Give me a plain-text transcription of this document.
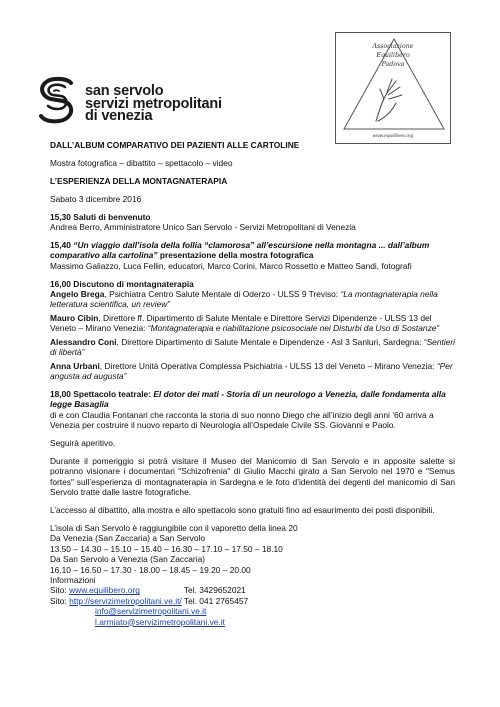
san servolo
servizi metropolitani
di venezia
Associazione
Equilibero
Padova
www.equilibero.org

DALL’ALBUM COMPARATIVO DEI PAZIENTI ALLE CARTOLINE

Mostra fotografica – dibattito – spettacolo – video

L’ESPERIENZA DELLA MONTAGNATERAPIA

Sabato 3 dicembre 2016

15,30 Saluti di benvenuto

Andrea Berro, Amministratore Unico San Servolo - Servizi Metropolitani di Venezia

15,40 “Un viaggio dall’isola della follia “clamorosa” all’escursione nella montagna ... dall’album comparativo alla cartolina” presentazione della mostra fotografica

Massimo Galiazzo, Luca Fellin, educatori, Marco Corini, Marco Rossetto e Matteo Sandi, fotografi

16,00 Discutono di montagnaterapia

Angelo Brega, Psichiatra Centro Salute Mentale di Oderzo - ULSS 9 Treviso: “La montagnaterapia nella letteratura scientifica, un review”

Mauro Cibin, Direttore ff. Dipartimento di Salute Mentale e Direttore Servizi Dipendenze - ULSS 13 del Veneto – Mirano Venezia: “Montagnaterapia e riabilitazione psicosociale nei Disturbi da Uso di Sostanze”

Alessandro Coni, Direttore Dipartimento di Salute Mentale e Dipendenze - Asl 3 Sanluri, Sardegna: “Sentieri di libertà”

Anna Urbani, Direttore Unità Operativa Complessa Psichiatria - ULSS 13 del Veneto – Mirano Venezia: “Per angusta ad augusta”

18,00 Spettacolo teatrale: El dotor dei mati - Storia di un neurologo a Venezia, dalle fondamenta alla legge Basaglia

di e con Claudia Fontanari che racconta la storia di suo nonno Diego che all’inizio degli anni ’60 arriva a Venezia per costruire il nuovo reparto di Neurologia all’Ospedale Civile SS. Giovanni e Paolo.

Seguirà aperitivo.

Durante il pomeriggio si potrà visitare il Museo del Manicomio di San Servolo e in apposite salette si potranno visionare i documentari "Schizofrenia" di Giulio Macchi girato a San Servolo nel 1970 e "Semus fortes" sull’esperienza di montagnaterapia in Sardegna e le foto d’identità dei degenti del manicomio di San Servolo tratte dalle lastre fotografiche.

L’accesso al dibattito, alla mostra e allo spettacolo sono gratuiti fino ad esaurimento dei posti disponibili.

L’isola di San Servolo è raggiungibile con il vaporetto della linea 20

Da Venezia (San Zaccaria) a San Servolo

13.50 – 14.30 – 15.10 – 15.40 – 16.30 – 17.10 – 17.50 – 18.10

Da San Servolo a Venezia (San Zaccaria)

16.10 – 16.50 – 17.30 - 18.00 – 18.45 – 19.20 – 20.00

Informazioni

Sito: www.equilibero.org	Tel. 3429652021

Sito: http://servizimetropolitani.ve.it/ Tel. 041 2765457

info@servizimetropolitani.ve.it

l.armiato@servizimetropolitani.ve.it
